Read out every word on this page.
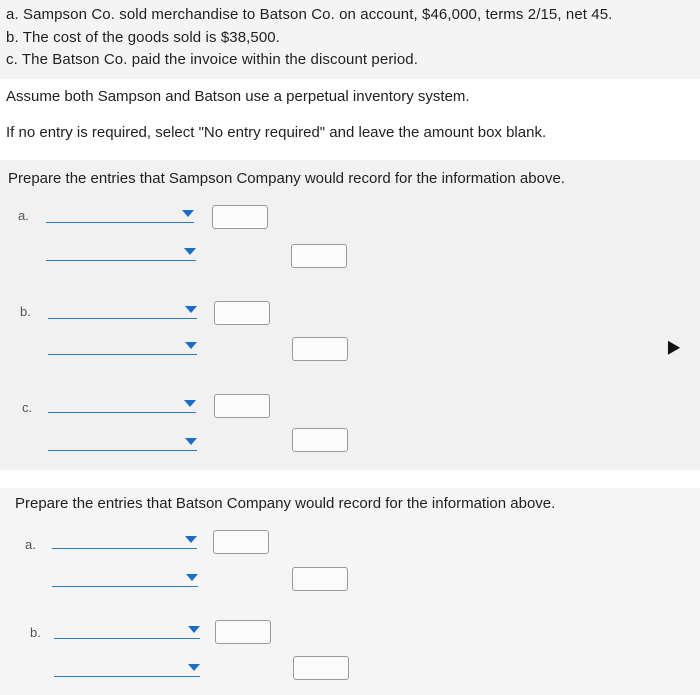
a. Sampson Co. sold merchandise to Batson Co. on account, $46,000, terms 2/15, net 45.
b. The cost of the goods sold is $38,500.
c. The Batson Co. paid the invoice within the discount period.
Assume both Sampson and Batson use a perpetual inventory system.
If no entry is required, select "No entry required" and leave the amount box blank.
Prepare the entries that Sampson Company would record for the information above.
a.
b.
c.
Prepare the entries that Batson Company would record for the information above.
a.
b.
